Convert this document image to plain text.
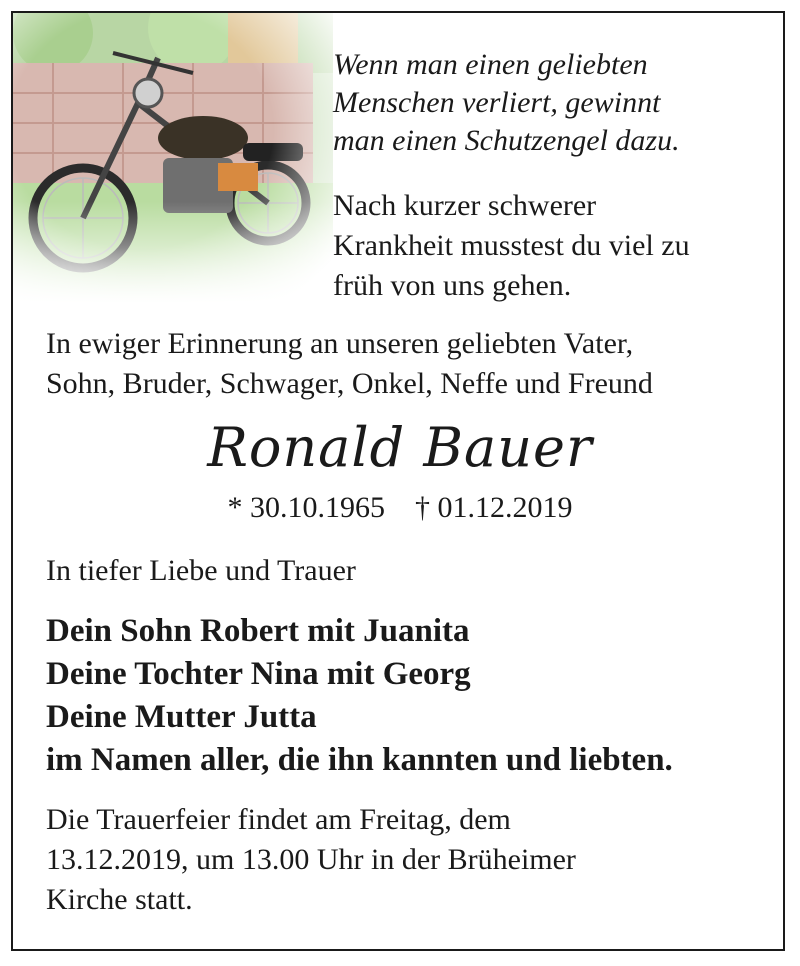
Wenn man einen geliebten
Menschen verliert, gewinnt
man einen Schutzengel dazu.
Nach kurzer schwerer
Krankheit musstest du viel zu
früh von uns gehen.
In ewiger Erinnerung an unseren geliebten Vater,
Sohn, Bruder, Schwager, Onkel, Neffe und Freund
Ronald Bauer
* 30.10.1965 † 01.12.2019
In tiefer Liebe und Trauer
Dein Sohn Robert mit Juanita
Deine Tochter Nina mit Georg
Deine Mutter Jutta
im Namen aller, die ihn kannten und liebten.
Die Trauerfeier findet am Freitag, dem
13.12.2019, um 13.00 Uhr in der Brüheimer
Kirche statt.
